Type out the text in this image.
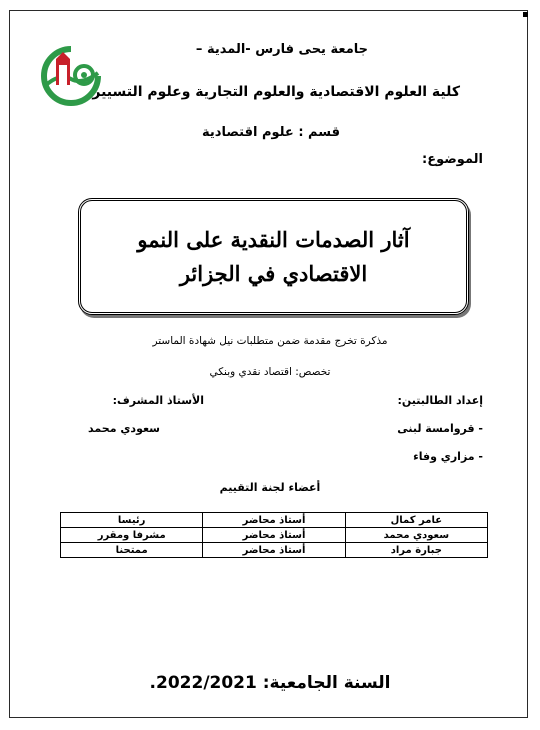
جامعة يحى فارس -المدية –
كلية العلوم الاقتصادية والعلوم التجارية وعلوم التسيير
قسم : علوم اقتصادية
الموضوع:
آثار الصدمات النقدية على النمو
الاقتصادي في الجزائر
مذكرة تخرج مقدمة ضمن متطلبات نيل شهادة الماستر
تخصص: اقتصاد نقدي وبنكي
إعداد الطالبتين:
الأستاذ المشرف:
- قروامسة لبنى
سعودي محمد
- مزاري وفاء
أعضاء لجنة التقييم
عامر كمال	أستاذ محاضر	رئيسا
سعودي محمد	أستاذ محاضر	مشرفا ومقرر
جبارة مراد	أستاذ محاضر	ممتحنا
السنة الجامعية: 2022/2021.
